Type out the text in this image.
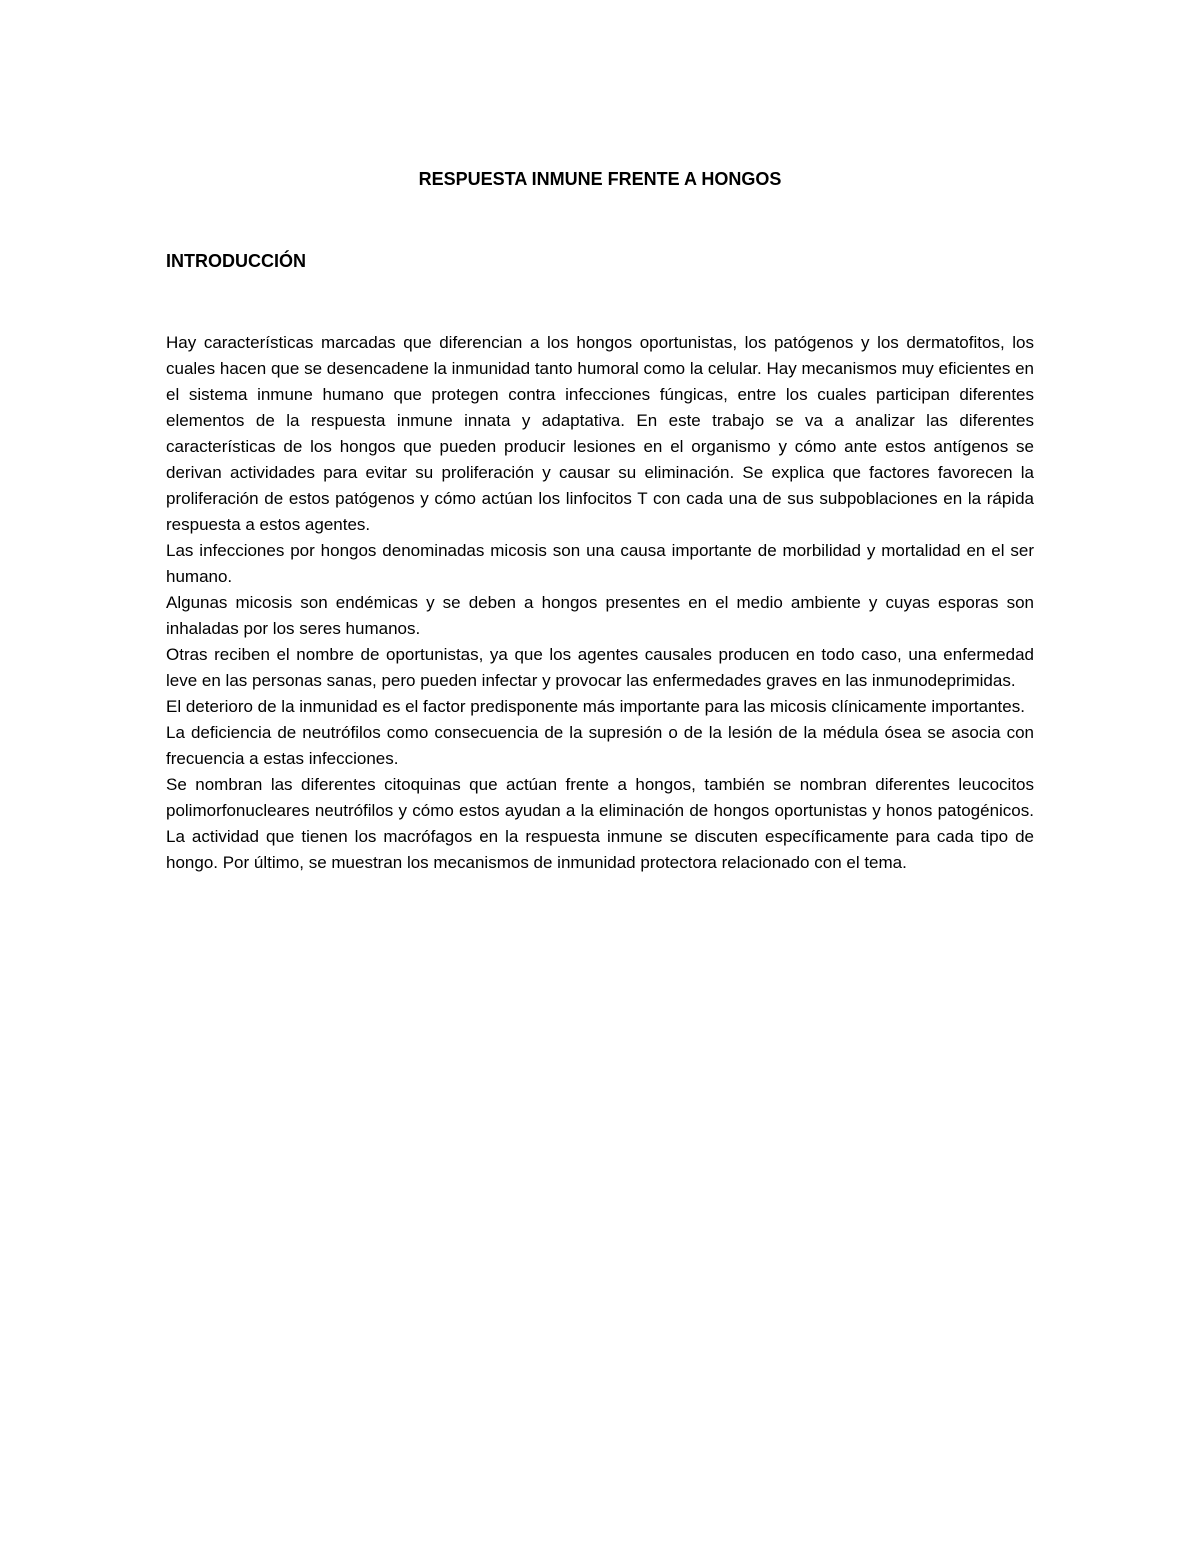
RESPUESTA INMUNE FRENTE A HONGOS
INTRODUCCIÓN

Hay características marcadas que diferencian a los hongos oportunistas, los patógenos y los dermatofitos, los cuales hacen que se desencadene la inmunidad tanto humoral como la celular. Hay mecanismos muy eficientes en el sistema inmune humano que protegen contra infecciones fúngicas, entre los cuales participan diferentes elementos de la respuesta inmune innata y adaptativa. En este trabajo se va a analizar las diferentes características de los hongos que pueden producir lesiones en el organismo y cómo ante estos antígenos se derivan actividades para evitar su proliferación y causar su eliminación. Se explica que factores favorecen la proliferación de estos patógenos y cómo actúan los linfocitos T con cada una de sus subpoblaciones en la rápida respuesta a estos agentes.

Las infecciones por hongos denominadas micosis son una causa importante de morbilidad y mortalidad en el ser humano.

Algunas micosis son endémicas y se deben a hongos presentes en el medio ambiente y cuyas esporas son inhaladas por los seres humanos.

Otras reciben el nombre de oportunistas, ya que los agentes causales producen en todo caso, una enfermedad leve en las personas sanas, pero pueden infectar y provocar las enfermedades graves en las inmunodeprimidas.

El deterioro de la inmunidad es el factor predisponente más importante para las micosis clínicamente importantes.

La deficiencia de neutrófilos como consecuencia de la supresión o de la lesión de la médula ósea se asocia con frecuencia a estas infecciones.

Se nombran las diferentes citoquinas que actúan frente a hongos, también se nombran diferentes leucocitos polimorfonucleares neutrófilos y cómo estos ayudan a la eliminación de hongos oportunistas y honos patogénicos. La actividad que tienen los macrófagos en la respuesta inmune se discuten específicamente para cada tipo de hongo. Por último, se muestran los mecanismos de inmunidad protectora relacionado con el tema.
